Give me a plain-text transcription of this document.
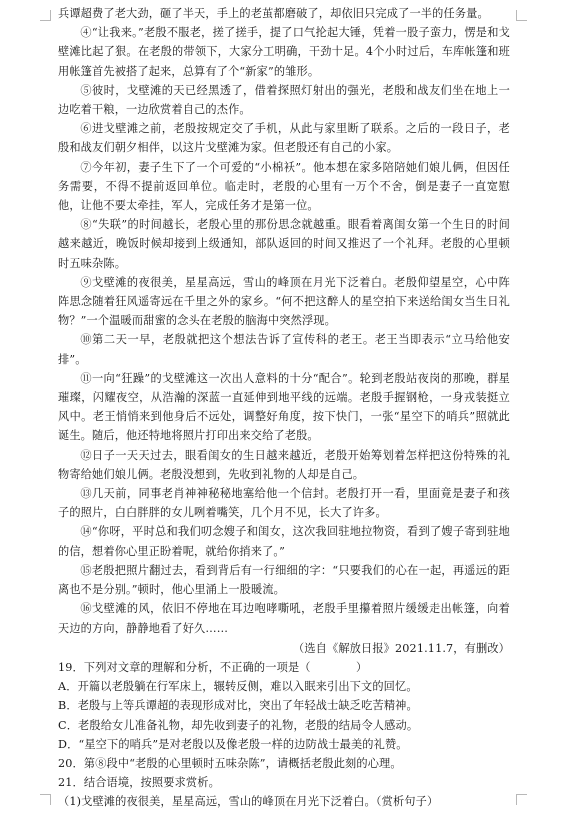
兵谭超费了老大劲，砸了半天，手上的老茧都磨破了，却依旧只完成了一半的任务量。

④“让我来。”老殷不服老，搓了搓手，提了口气抡起大锤，凭着一股子蛮力，愣是和戈壁滩比起了狠。在老殷的带领下，大家分工明确，干劲十足。4个小时过后，车库帐篷和班用帐篷首先被搭了起来，总算有了个“新家”的雏形。

⑤彼时，戈壁滩的天已经黑透了，借着探照灯射出的强光，老殷和战友们坐在地上一边吃着干粮，一边欣赏着自己的杰作。

⑥进戈壁滩之前，老殷按规定交了手机，从此与家里断了联系。之后的一段日子，老殷和战友们朝夕相伴，以这片戈壁滩为家。但老殷还有自己的小家。

⑦今年初，妻子生下了一个可爱的“小棉袄”。他本想在家多陪陪她们娘儿俩，但因任务需要，不得不提前返回单位。临走时，老殷的心里有一万个不舍，倒是妻子一直宽慰他，让他不要太牵挂，军人，完成任务才是第一位。

⑧“失联”的时间越长，老殷心里的那份思念就越重。眼看着离闺女第一个生日的时间越来越近，晚饭时候却接到上级通知，部队返回的时间又推迟了一个礼拜。老殷的心里顿时五味杂陈。

⑨戈壁滩的夜很美，星星高远，雪山的峰顶在月光下泛着白。老殷仰望星空，心中阵阵思念随着狂风遥寄远在千里之外的家乡。“何不把这醉人的星空拍下来送给闺女当生日礼物？”一个温暖而甜蜜的念头在老殷的脑海中突然浮现。

⑩第二天一早，老殷就把这个想法告诉了宣传科的老王。老王当即表示“立马给他安排”。

⑪一向“狂躁”的戈壁滩这一次出人意料的十分“配合”。轮到老殷站夜岗的那晚，群星璀璨，闪耀夜空，从浩瀚的深蓝一直延伸到地平线的远端。老殷手握钢枪，一身戎装挺立风中。老王悄悄来到他身后不远处，调整好角度，按下快门，一张“星空下的哨兵”照就此诞生。随后，他还特地将照片打印出来交给了老殷。

⑫日子一天天过去，眼看闺女的生日越来越近，老殷开始筹划着怎样把这份特殊的礼物寄给她们娘儿俩。老殷没想到，先收到礼物的人却是自己。

⑬几天前，同事老肖神神秘秘地塞给他一个信封。老殷打开一看，里面竟是妻子和孩子的照片，白白胖胖的女儿咧着嘴笑，几个月不见，长大了许多。

⑭“你呀，平时总和我们叨念嫂子和闺女，这次我回驻地拉物资，看到了嫂子寄到驻地的信，想着你心里正盼着呢，就给你捎来了。”

⑮老殷把照片翻过去，看到背后有一行细细的字：“只要我们的心在一起，再遥远的距离也不是分别。”顿时，他心里涌上一股暖流。

⑯戈壁滩的风，依旧不停地在耳边咆哮嘶吼，老殷手里攥着照片缓缓走出帐篷，向着天边的方向，静静地看了好久……

（选自《解放日报》2021.11.7，有删改）

19．下列对文章的理解和分析，不正确的一项是（　　　　）

A．开篇以老殷躺在行军床上，辗转反侧，难以入眠来引出下文的回忆。

B．老殷与上等兵谭超的表现形成对比，突出了年轻战士缺乏吃苦精神。

C．老殷给女儿准备礼物，却先收到妻子的礼物，老殷的结局令人感动。

D．“星空下的哨兵”是对老殷以及像老殷一样的边防战士最美的礼赞。

20．第⑧段中“老殷的心里顿时五味杂陈”，请概括老殷此刻的心理。

21．结合语境，按照要求赏析。

（1)戈壁滩的夜很美，星星高远，雪山的峰顶在月光下泛着白。（赏析句子）
